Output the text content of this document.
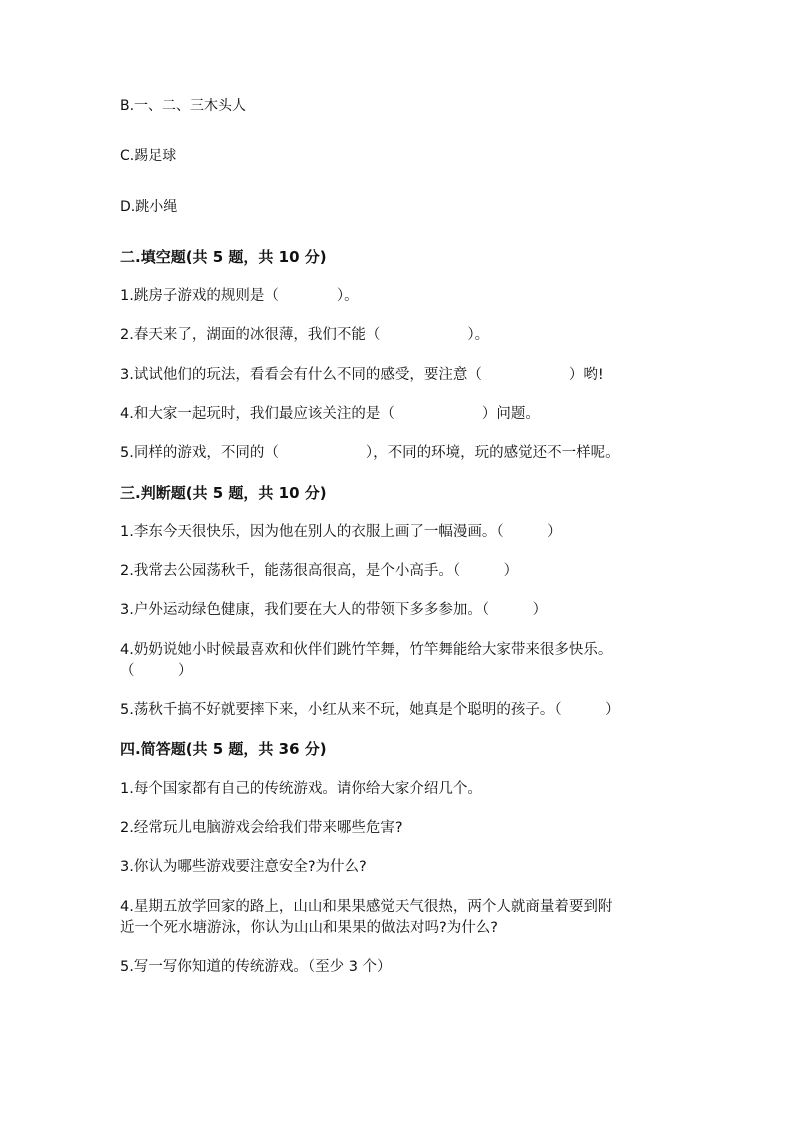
B.一、二、三木头人
C.踢足球
D.跳小绳
二.填空题(共 5 题，共 10 分)
1.跳房子游戏的规则是（　　　　）。
2.春天来了，湖面的冰很薄，我们不能（　　　　　　）。
3.试试他们的玩法，看看会有什么不同的感受，要注意（　　　　　　）哟!
4.和大家一起玩时，我们最应该关注的是（　　　　　　）问题。
5.同样的游戏，不同的（　　　　　　），不同的环境，玩的感觉还不一样呢。
三.判断题(共 5 题，共 10 分)
1.李东今天很快乐，因为他在别人的衣服上画了一幅漫画。（　　　）
2.我常去公园荡秋千，能荡很高很高，是个小高手。（　　　）
3.户外运动绿色健康，我们要在大人的带领下多多参加。（　　　）
4.奶奶说她小时候最喜欢和伙伴们跳竹竿舞，竹竿舞能给大家带来很多快乐。
（　　　）
5.荡秋千搞不好就要摔下来，小红从来不玩，她真是个聪明的孩子。（　　　）
四.简答题(共 5 题，共 36 分)
1.每个国家都有自己的传统游戏。请你给大家介绍几个。
2.经常玩儿电脑游戏会给我们带来哪些危害?
3.你认为哪些游戏要注意安全?为什么?
4.星期五放学回家的路上，山山和果果感觉天气很热，两个人就商量着要到附
近一个死水塘游泳，你认为山山和果果的做法对吗?为什么?
5.写一写你知道的传统游戏。（至少 3 个）
